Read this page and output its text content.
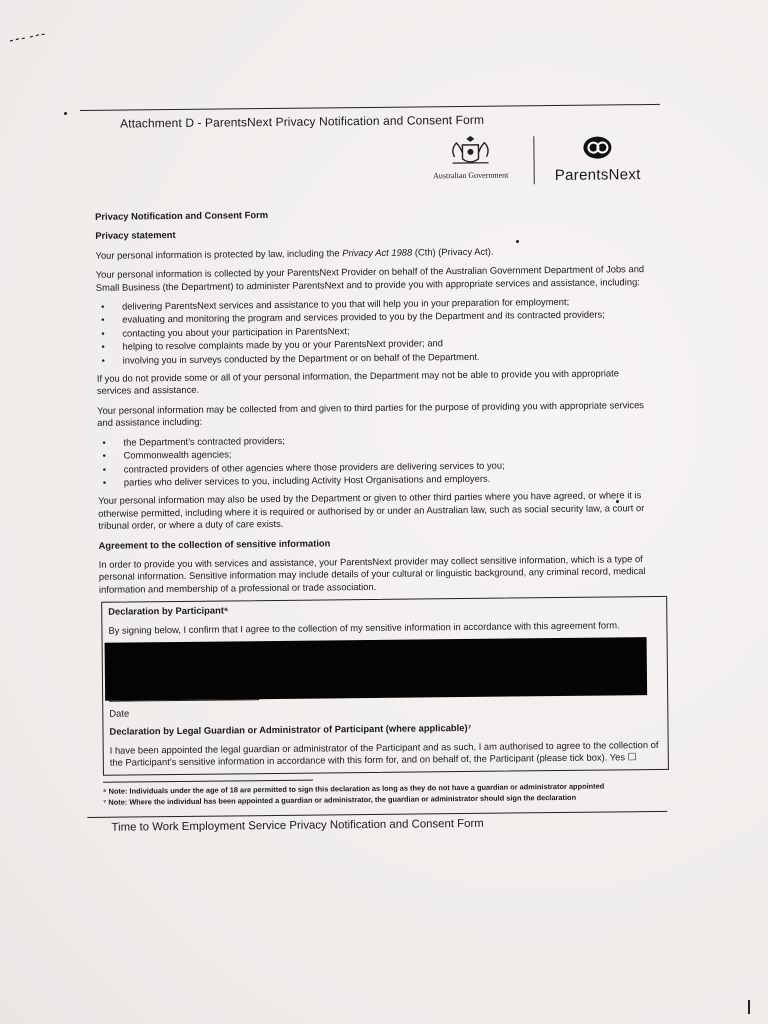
Attachment D - ParentsNext Privacy Notification and Consent Form
Australian Government	ParentsNext

Privacy Notification and Consent Form

Privacy statement

Your personal information is protected by law, including the Privacy Act 1988 (Cth) (Privacy Act).

Your personal information is collected by your ParentsNext Provider on behalf of the Australian Government Department of Jobs and Small Business (the Department) to administer ParentsNext and to provide you with appropriate services and assistance, including:

• delivering ParentsNext services and assistance to you that will help you in your preparation for employment;
• evaluating and monitoring the program and services provided to you by the Department and its contracted providers;
• contacting you about your participation in ParentsNext;
• helping to resolve complaints made by you or your ParentsNext provider; and
• involving you in surveys conducted by the Department or on behalf of the Department.

If you do not provide some or all of your personal information, the Department may not be able to provide you with appropriate services and assistance.

Your personal information may be collected from and given to third parties for the purpose of providing you with appropriate services and assistance including:

• the Department’s contracted providers;
• Commonwealth agencies;
• contracted providers of other agencies where those providers are delivering services to you;
• parties who deliver services to you, including Activity Host Organisations and employers.

Your personal information may also be used by the Department or given to other third parties where you have agreed, or where it is otherwise permitted, including where it is required or authorised by or under an Australian law, such as social security law, a court or tribunal order, or where a duty of care exists.

Agreement to the collection of sensitive information

In order to provide you with services and assistance, your ParentsNext provider may collect sensitive information, which is a type of personal information. Sensitive information may include details of your cultural or linguistic background, any criminal record, medical information and membership of a professional or trade association.

Declaration by Participant⁶

By signing below, I confirm that I agree to the collection of my sensitive information in accordance with this agreement form.

Date

Declaration by Legal Guardian or Administrator of Participant (where applicable)⁷

I have been appointed the legal guardian or administrator of the Participant and as such, I am authorised to agree to the collection of the Participant’s sensitive information in accordance with this form for, and on behalf of, the Participant (please tick box). Yes ☐

⁶ Note: Individuals under the age of 18 are permitted to sign this declaration as long as they do not have a guardian or administrator appointed
⁷ Note: Where the individual has been appointed a guardian or administrator, the guardian or administrator should sign the declaration
Time to Work Employment Service Privacy Notification and Consent Form
